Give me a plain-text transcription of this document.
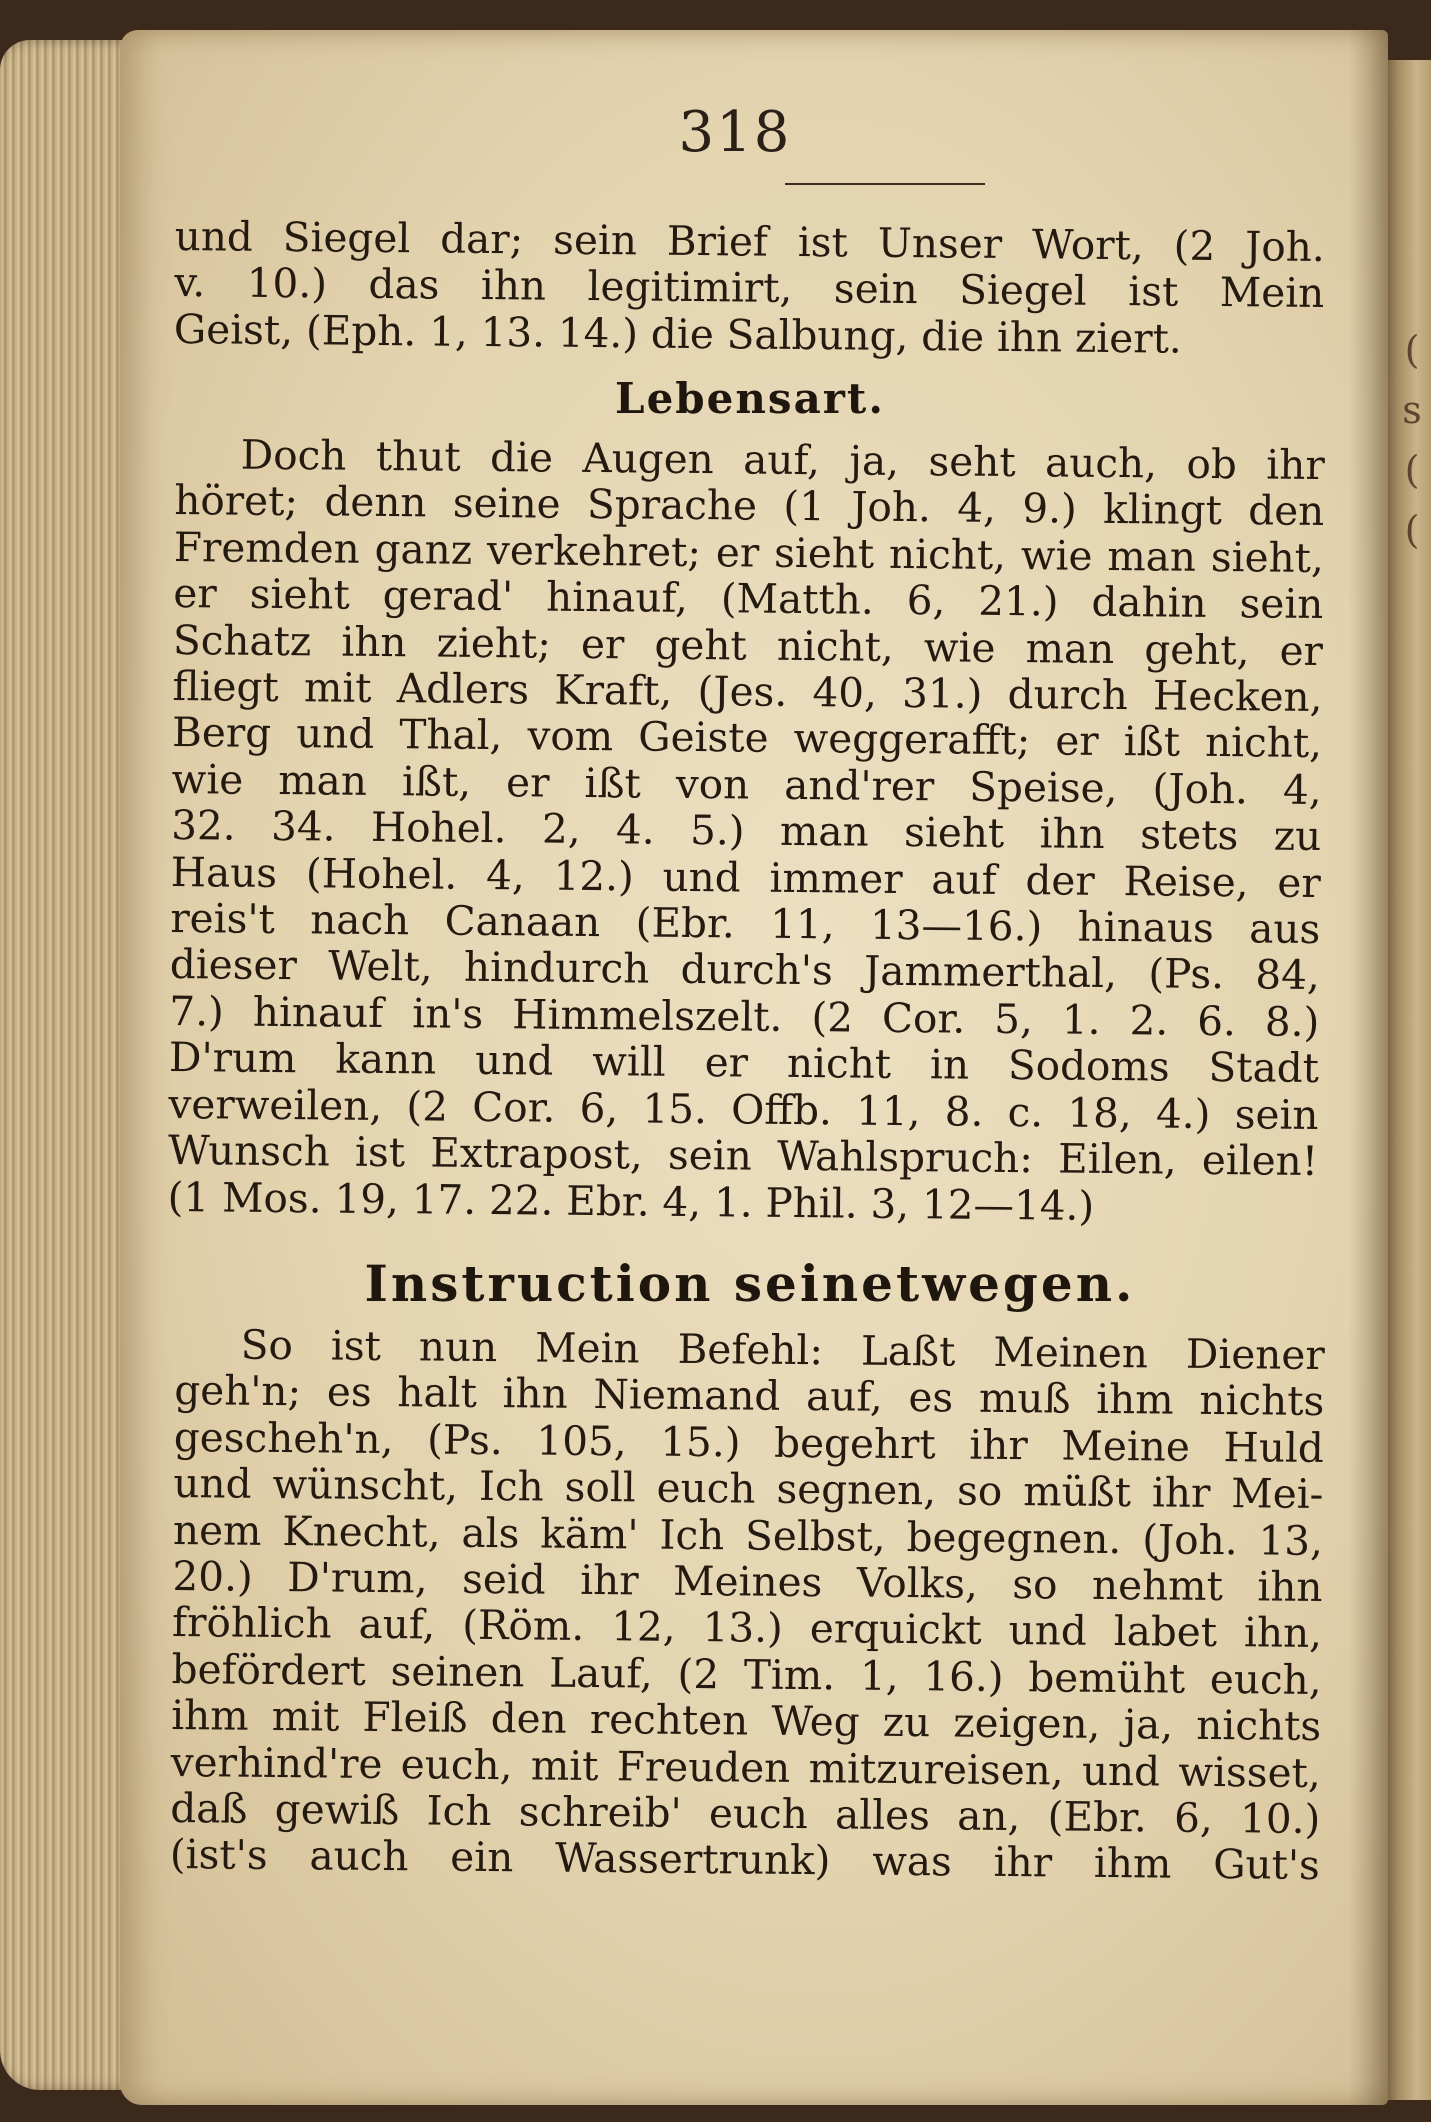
(
s
(
(
318
und Siegel dar; sein Brief ist Unser Wort, (2 Joh.
v. 10.) das ihn legitimirt, sein Siegel ist Mein
Geist, (Eph. 1, 13. 14.) die Salbung, die ihn ziert.
Lebensart.
Doch thut die Augen auf, ja, seht auch, ob ihr
höret; denn seine Sprache (1 Joh. 4, 9.) klingt den
Fremden ganz verkehret; er sieht nicht, wie man sieht,
er sieht gerad' hinauf, (Matth. 6, 21.) dahin sein
Schatz ihn zieht; er geht nicht, wie man geht, er
fliegt mit Adlers Kraft, (Jes. 40, 31.) durch Hecken,
Berg und Thal, vom Geiste weggerafft; er ißt nicht,
wie man ißt, er ißt von and'rer Speise, (Joh. 4,
32. 34. Hohel. 2, 4. 5.) man sieht ihn stets zu
Haus (Hohel. 4, 12.) und immer auf der Reise, er
reis't nach Canaan (Ebr. 11, 13—16.) hinaus aus
dieser Welt, hindurch durch's Jammerthal, (Ps. 84,
7.) hinauf in's Himmelszelt. (2 Cor. 5, 1. 2. 6. 8.)
D'rum kann und will er nicht in Sodoms Stadt
verweilen, (2 Cor. 6, 15. Offb. 11, 8. c. 18, 4.) sein
Wunsch ist Extrapost, sein Wahlspruch: Eilen, eilen!
(1 Mos. 19, 17. 22. Ebr. 4, 1. Phil. 3, 12—14.)
Instruction seinetwegen.
So ist nun Mein Befehl: Laßt Meinen Diener
geh'n; es halt ihn Niemand auf, es muß ihm nichts
gescheh'n, (Ps. 105, 15.) begehrt ihr Meine Huld
und wünscht, Ich soll euch segnen, so müßt ihr Mei-
nem Knecht, als käm' Ich Selbst, begegnen. (Joh. 13,
20.) D'rum, seid ihr Meines Volks, so nehmt ihn
fröhlich auf, (Röm. 12, 13.) erquickt und labet ihn,
befördert seinen Lauf, (2 Tim. 1, 16.) bemüht euch,
ihm mit Fleiß den rechten Weg zu zeigen, ja, nichts
verhind're euch, mit Freuden mitzureisen, und wisset,
daß gewiß Ich schreib' euch alles an, (Ebr. 6, 10.)
(ist's auch ein Wassertrunk) was ihr ihm Gut's
